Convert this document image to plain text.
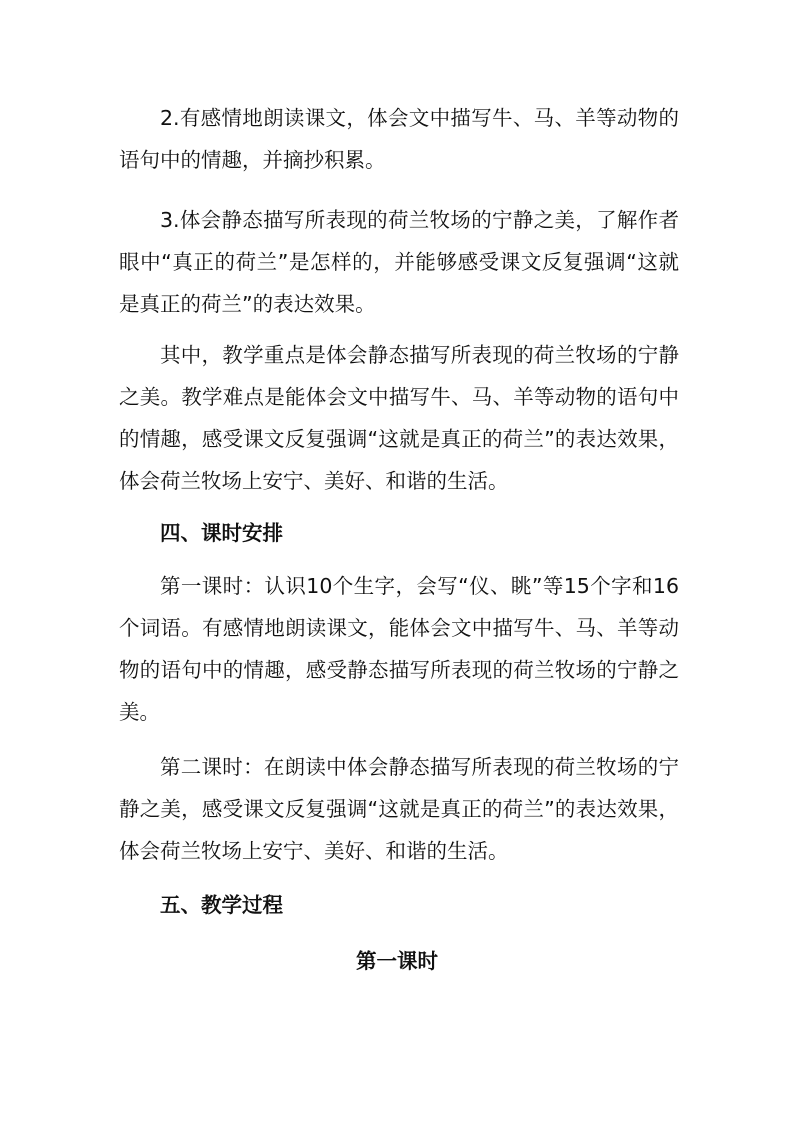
2.有感情地朗读课文，体会文中描写牛、马、羊等动物的语句中的情趣，并摘抄积累。

3.体会静态描写所表现的荷兰牧场的宁静之美，了解作者眼中“真正的荷兰”是怎样的，并能够感受课文反复强调“这就是真正的荷兰”的表达效果。

其中，教学重点是体会静态描写所表现的荷兰牧场的宁静之美。教学难点是能体会文中描写牛、马、羊等动物的语句中的情趣，感受课文反复强调“这就是真正的荷兰”的表达效果，体会荷兰牧场上安宁、美好、和谐的生活。

四、课时安排

第一课时：认识10个生字，会写“仪、眺”等15个字和16个词语。有感情地朗读课文，能体会文中描写牛、马、羊等动物的语句中的情趣，感受静态描写所表现的荷兰牧场的宁静之美。

第二课时：在朗读中体会静态描写所表现的荷兰牧场的宁静之美，感受课文反复强调“这就是真正的荷兰”的表达效果，体会荷兰牧场上安宁、美好、和谐的生活。

五、教学过程
第一课时
